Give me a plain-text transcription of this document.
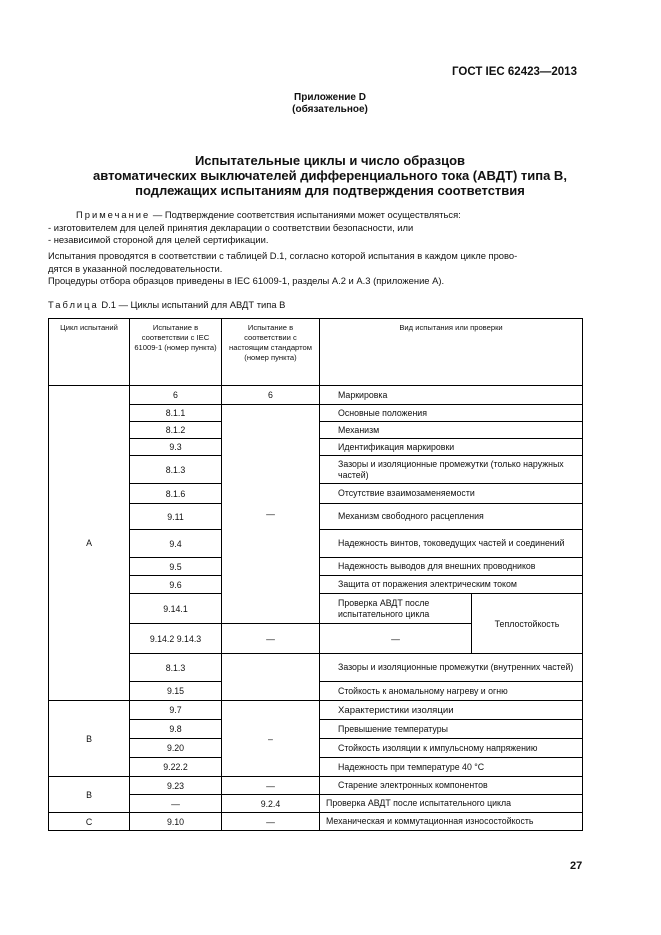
ГОСТ IEC 62423—2013
Приложение D
(обязательное)
Испытательные циклы и число образцов
автоматических выключателей дифференциального тока (АВДТ) типа В,
подлежащих испытаниям для подтверждения соответствия
Примечание — Подтверждение соответствия испытаниями может осуществляться:
- изготовителем для целей принятия декларации о соответствии безопасности, или
- независимой стороной для целей сертификации.
Испытания проводятся в соответствии с таблицей D.1, согласно которой испытания в каждом цикле прово-
дятся в указанной последовательности.
Процедуры отбора образцов приведены в IEC 61009-1, разделы А.2 и А.3 (приложение А).
Таблица D.1 — Циклы испытаний для АВДТ типа В
Цикл испытаний	Испытание в соответствии с IEC 61009-1 (номер пункта)	Испытание в соответствии с настоящим стандартом (номер пункта)	Вид испытания или проверки	
А	6	6	Маркировка	
	8.1.1	—	Основные положения	
	8.1.2		Механизм	
	9.3		Идентификация маркировки	
	8.1.3		Зазоры и изоляционные промежутки (только наружных частей)	
	8.1.6		Отсутствие взаимозаменяемости	
	9.11		Механизм свободного расцепления	
	9.4		Надежность винтов, токоведущих частей и соединений	
	9.5		Надежность выводов для внешних проводников	
	9.6		Защита от поражения электрическим током	
	9.14.1		Проверка АВДТ после испытательного цикла	Теплостойкость
	9.14.2 9.14.3	—	—	
	8.1.3		Зазоры и изоляционные промежутки (внутренних частей)	
	9.15		Стойкость к аномальному нагреву и огню	
В	9.7	–	Характеристики изоляции	
	9.8		Превышение температуры	
	9.20		Стойкость изоляции к импульсному напряжению	
	9.22.2		Надежность при температуре 40 °С	
В	9.23	—	Старение электронных компонентов	
	—	9.2.4	Проверка АВДТ после испытательного цикла	
С	9.10	—	Механическая и коммутационная износостойкость	
27
